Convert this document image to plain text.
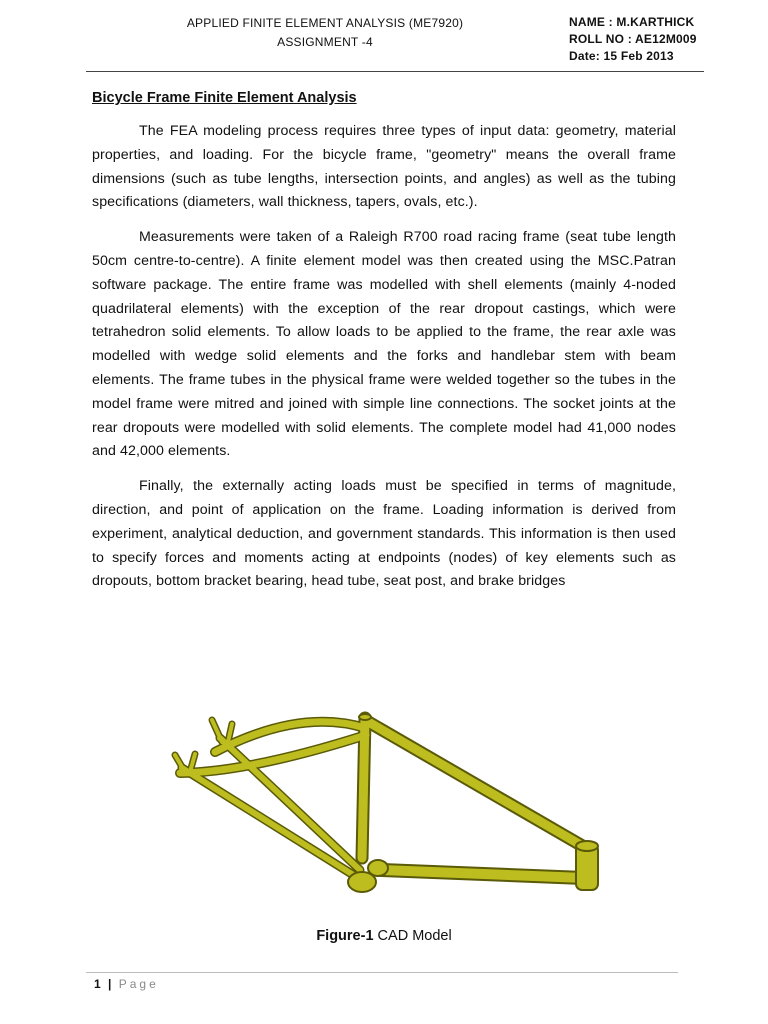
APPLIED FINITE ELEMENT ANALYSIS (ME7920)
ASSIGNMENT -4
NAME : M.KARTHICK
ROLL NO : AE12M009
Date: 15 Feb 2013
Bicycle Frame Finite Element Analysis

The FEA modeling process requires three types of input data: geometry, material properties, and loading. For the bicycle frame, "geometry" means the overall frame dimensions (such as tube lengths, intersection points, and angles) as well as the tubing specifications (diameters, wall thickness, tapers, ovals, etc.).

Measurements were taken of a Raleigh R700 road racing frame (seat tube length 50cm centre-to-centre). A finite element model was then created using the MSC.Patran software package. The entire frame was modelled with shell elements (mainly 4-noded quadrilateral elements) with the exception of the rear dropout castings, which were tetrahedron solid elements. To allow loads to be applied to the frame, the rear axle was modelled with wedge solid elements and the forks and handlebar stem with beam elements. The frame tubes in the physical frame were welded together so the tubes in the model frame were mitred and joined with simple line connections. The socket joints at the rear dropouts were modelled with solid elements. The complete model had 41,000 nodes and 42,000 elements.

Finally, the externally acting loads must be specified in terms of magnitude, direction, and point of application on the frame. Loading information is derived from experiment, analytical deduction, and government standards. This information is then used to specify forces and moments acting at endpoints (nodes) of key elements such as dropouts, bottom bracket bearing, head tube, seat post, and brake bridges

Figure-1 CAD Model
1 | Page
